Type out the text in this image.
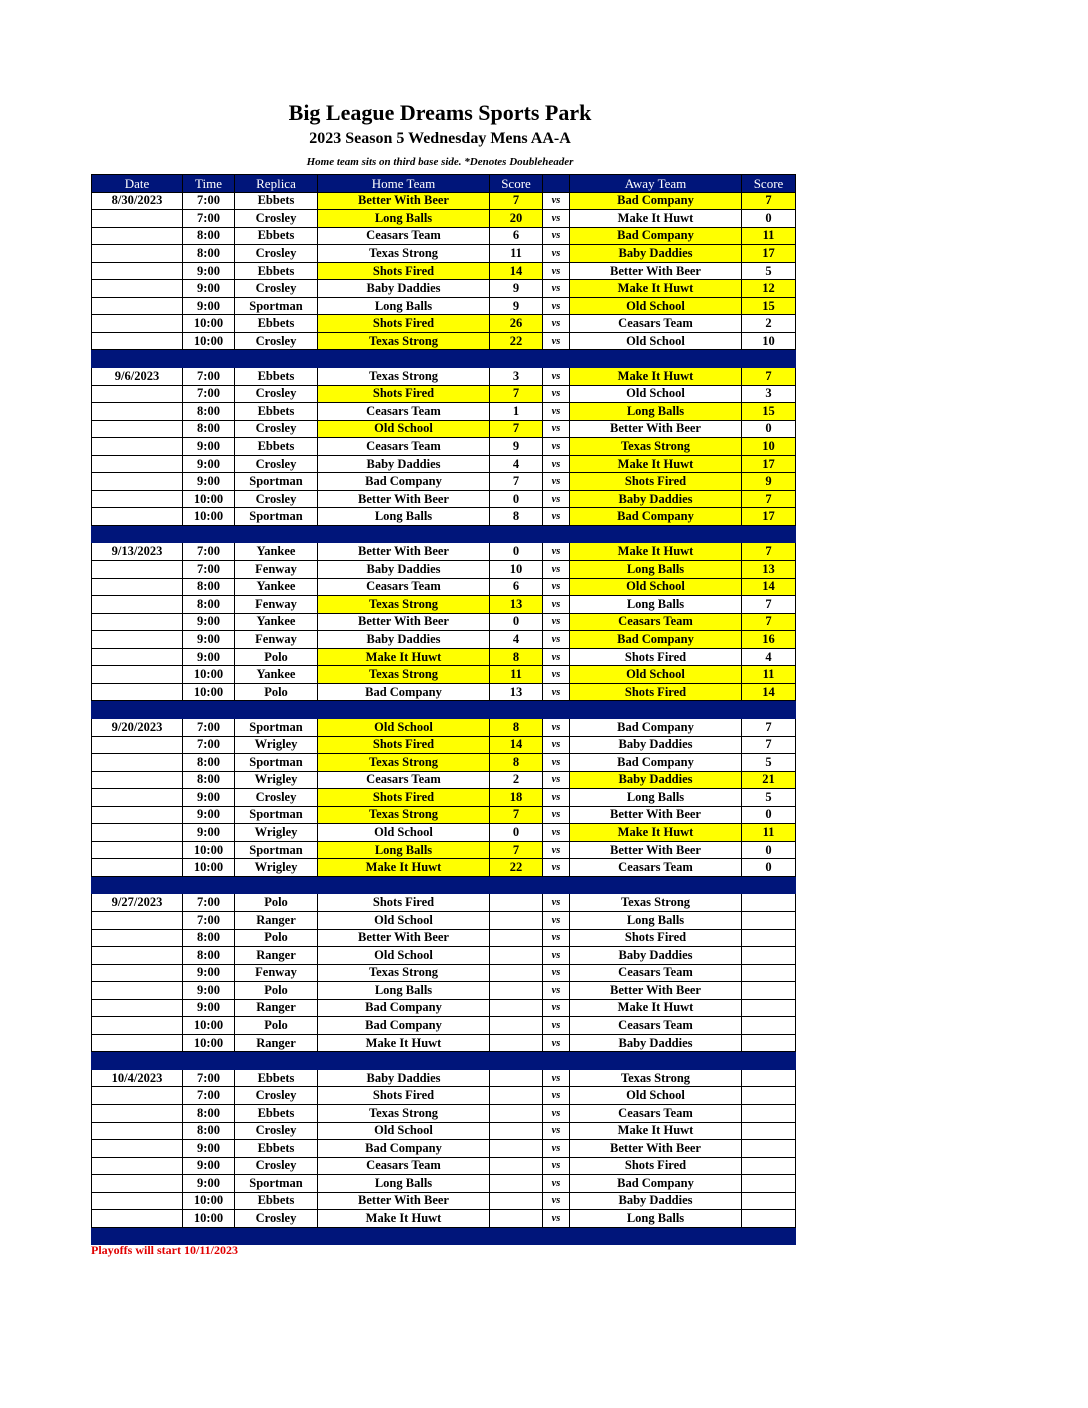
Big League Dreams Sports Park
2023 Season 5 Wednesday Mens AA-A
Home team sits on third base side. *Denotes Doubleheader
Date	Time	Replica	Home Team	Score		Away Team	Score
8/30/2023	7:00	Ebbets	Better With Beer	7	vs	Bad Company	7
	7:00	Crosley	Long Balls	20	vs	Make It Huwt	0
	8:00	Ebbets	Ceasars Team	6	vs	Bad Company	11
	8:00	Crosley	Texas Strong	11	vs	Baby Daddies	17
	9:00	Ebbets	Shots Fired	14	vs	Better With Beer	5
	9:00	Crosley	Baby Daddies	9	vs	Make It Huwt	12
	9:00	Sportman	Long Balls	9	vs	Old School	15
	10:00	Ebbets	Shots Fired	26	vs	Ceasars Team	2
	10:00	Crosley	Texas Strong	22	vs	Old School	10

9/6/2023	7:00	Ebbets	Texas Strong	3	vs	Make It Huwt	7
	7:00	Crosley	Shots Fired	7	vs	Old School	3
	8:00	Ebbets	Ceasars Team	1	vs	Long Balls	15
	8:00	Crosley	Old School	7	vs	Better With Beer	0
	9:00	Ebbets	Ceasars Team	9	vs	Texas Strong	10
	9:00	Crosley	Baby Daddies	4	vs	Make It Huwt	17
	9:00	Sportman	Bad Company	7	vs	Shots Fired	9
	10:00	Crosley	Better With Beer	0	vs	Baby Daddies	7
	10:00	Sportman	Long Balls	8	vs	Bad Company	17

9/13/2023	7:00	Yankee	Better With Beer	0	vs	Make It Huwt	7
	7:00	Fenway	Baby Daddies	10	vs	Long Balls	13
	8:00	Yankee	Ceasars Team	6	vs	Old School	14
	8:00	Fenway	Texas Strong	13	vs	Long Balls	7
	9:00	Yankee	Better With Beer	0	vs	Ceasars Team	7
	9:00	Fenway	Baby Daddies	4	vs	Bad Company	16
	9:00	Polo	Make It Huwt	8	vs	Shots Fired	4
	10:00	Yankee	Texas Strong	11	vs	Old School	11
	10:00	Polo	Bad Company	13	vs	Shots Fired	14

9/20/2023	7:00	Sportman	Old School	8	vs	Bad Company	7
	7:00	Wrigley	Shots Fired	14	vs	Baby Daddies	7
	8:00	Sportman	Texas Strong	8	vs	Bad Company	5
	8:00	Wrigley	Ceasars Team	2	vs	Baby Daddies	21
	9:00	Crosley	Shots Fired	18	vs	Long Balls	5
	9:00	Sportman	Texas Strong	7	vs	Better With Beer	0
	9:00	Wrigley	Old School	0	vs	Make It Huwt	11
	10:00	Sportman	Long Balls	7	vs	Better With Beer	0
	10:00	Wrigley	Make It Huwt	22	vs	Ceasars Team	0

9/27/2023	7:00	Polo	Shots Fired		vs	Texas Strong	
	7:00	Ranger	Old School		vs	Long Balls	
	8:00	Polo	Better With Beer		vs	Shots Fired	
	8:00	Ranger	Old School		vs	Baby Daddies	
	9:00	Fenway	Texas Strong		vs	Ceasars Team	
	9:00	Polo	Long Balls		vs	Better With Beer	
	9:00	Ranger	Bad Company		vs	Make It Huwt	
	10:00	Polo	Bad Company		vs	Ceasars Team	
	10:00	Ranger	Make It Huwt		vs	Baby Daddies	

10/4/2023	7:00	Ebbets	Baby Daddies		vs	Texas Strong	
	7:00	Crosley	Shots Fired		vs	Old School	
	8:00	Ebbets	Texas Strong		vs	Ceasars Team	
	8:00	Crosley	Old School		vs	Make It Huwt	
	9:00	Ebbets	Bad Company		vs	Better With Beer	
	9:00	Crosley	Ceasars Team		vs	Shots Fired	
	9:00	Sportman	Long Balls		vs	Bad Company	
	10:00	Ebbets	Better With Beer		vs	Baby Daddies	
	10:00	Crosley	Make It Huwt		vs	Long Balls	

Playoffs will start 10/11/2023
